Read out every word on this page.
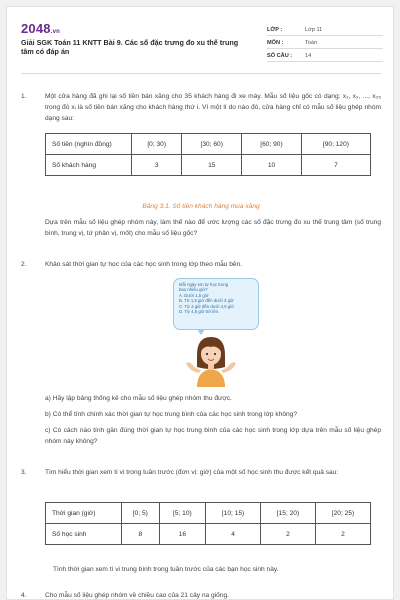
2048.vn
Giải SGK Toán 11 KNTT Bài 9. Các số đặc trưng đo xu thế trung tâm có đáp án
LỚP :	Lớp 11
MÔN :	Toán
SỐ CÂU : 14
1.	Một cửa hàng đã ghi lại số tiền bán xăng cho 35 khách hàng đi xe máy. Mẫu số liệu gốc có dạng: x₁, x₂, ..., x₃₅ trong đó xᵢ là số tiền bán xăng cho khách hàng thứ i. Vì một lí do nào đó, cửa hàng chỉ có mẫu số liệu ghép nhóm dạng sau:
Số tiền (nghìn đồng)	[0; 30)	[30; 60)	[60; 90)	[90; 120)
Số khách hàng	3	15	10	7
Bảng 3.1. Số tiền khách hàng mua xăng
Dựa trên mẫu số liệu ghép nhóm này, làm thế nào để ước lượng các số đặc trưng đo xu thế trung tâm (số trung bình, trung vị, tứ phân vị, mốt) cho mẫu số liệu gốc?
2.	Khảo sát thời gian tự học của các học sinh trong lớp theo mẫu bên.

Mỗi ngày em tự học trong

bao nhiêu giờ?

A. Dưới 1,5 giờ

B. Từ 1,5 giờ đến dưới 3 giờ

C. Từ 3 giờ đến dưới 4,5 giờ

D. Từ 4,5 giờ trở lên.

a) Hãy lập bảng thống kê cho mẫu số liệu ghép nhóm thu được.
b) Có thể tính chính xác thời gian tự học trung bình của các học sinh trong lớp không?
c) Có cách nào tính gần đúng thời gian tự học trung bình của các học sinh trong lớp dựa trên mẫu số liệu ghép nhóm này không?
3.	Tìm hiểu thời gian xem tí vi trong tuần trước (đơn vị: giờ) của một số học sinh thu được kết quả sau:
Thời gian (giờ)	[0; 5)	[5; 10)	[10; 15)	[15; 20)	[20; 25)
Số học sinh	8	16	4	2	2
Tính thời gian xem tí vi trung bình trong tuần trước của các bạn học sinh này.
4.	Cho mẫu số liệu ghép nhóm về chiều cao của 21 cây na giống.
